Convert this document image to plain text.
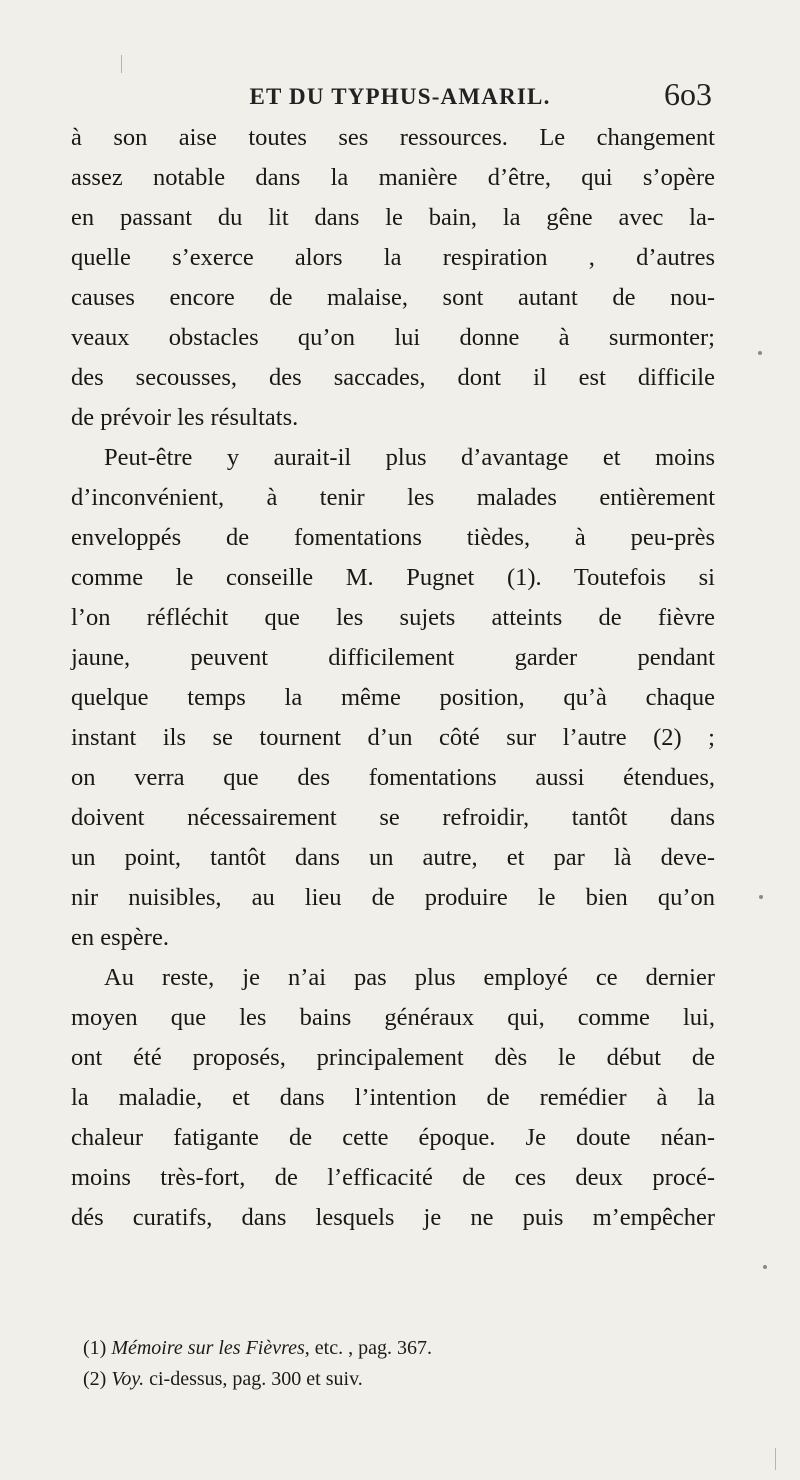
ET DU TYPHUS-AMARIL.	6o3
à son aise toutes ses ressources. Le changement
assez notable dans la manière d’être, qui s’opère
en passant du lit dans le bain, la gêne avec la-
quelle s’exerce alors la respiration , d’autres
causes encore de malaise, sont autant de nou-
veaux obstacles qu’on lui donne à surmonter;
des secousses, des saccades, dont il est difficile
de prévoir les résultats.
Peut-être y aurait-il plus d’avantage et moins
d’inconvénient, à tenir les malades entièrement
enveloppés de fomentations tièdes, à peu-près
comme le conseille M. Pugnet (1). Toutefois si
l’on réfléchit que les sujets atteints de fièvre
jaune, peuvent difficilement garder pendant
quelque temps la même position, qu’à chaque
instant ils se tournent d’un côté sur l’autre (2) ;
on verra que des fomentations aussi étendues,
doivent nécessairement se refroidir, tantôt dans
un point, tantôt dans un autre, et par là deve-
nir nuisibles, au lieu de produire le bien qu’on
en espère.
Au reste, je n’ai pas plus employé ce dernier
moyen que les bains généraux qui, comme lui,
ont été proposés, principalement dès le début de
la maladie, et dans l’intention de remédier à la
chaleur fatigante de cette époque. Je doute néan-
moins très-fort, de l’efficacité de ces deux procé-
dés curatifs, dans lesquels je ne puis m’empêcher
(1) Mémoire sur les Fièvres, etc. , pag. 367.
(2) Voy. ci-dessus, pag. 300 et suiv.
